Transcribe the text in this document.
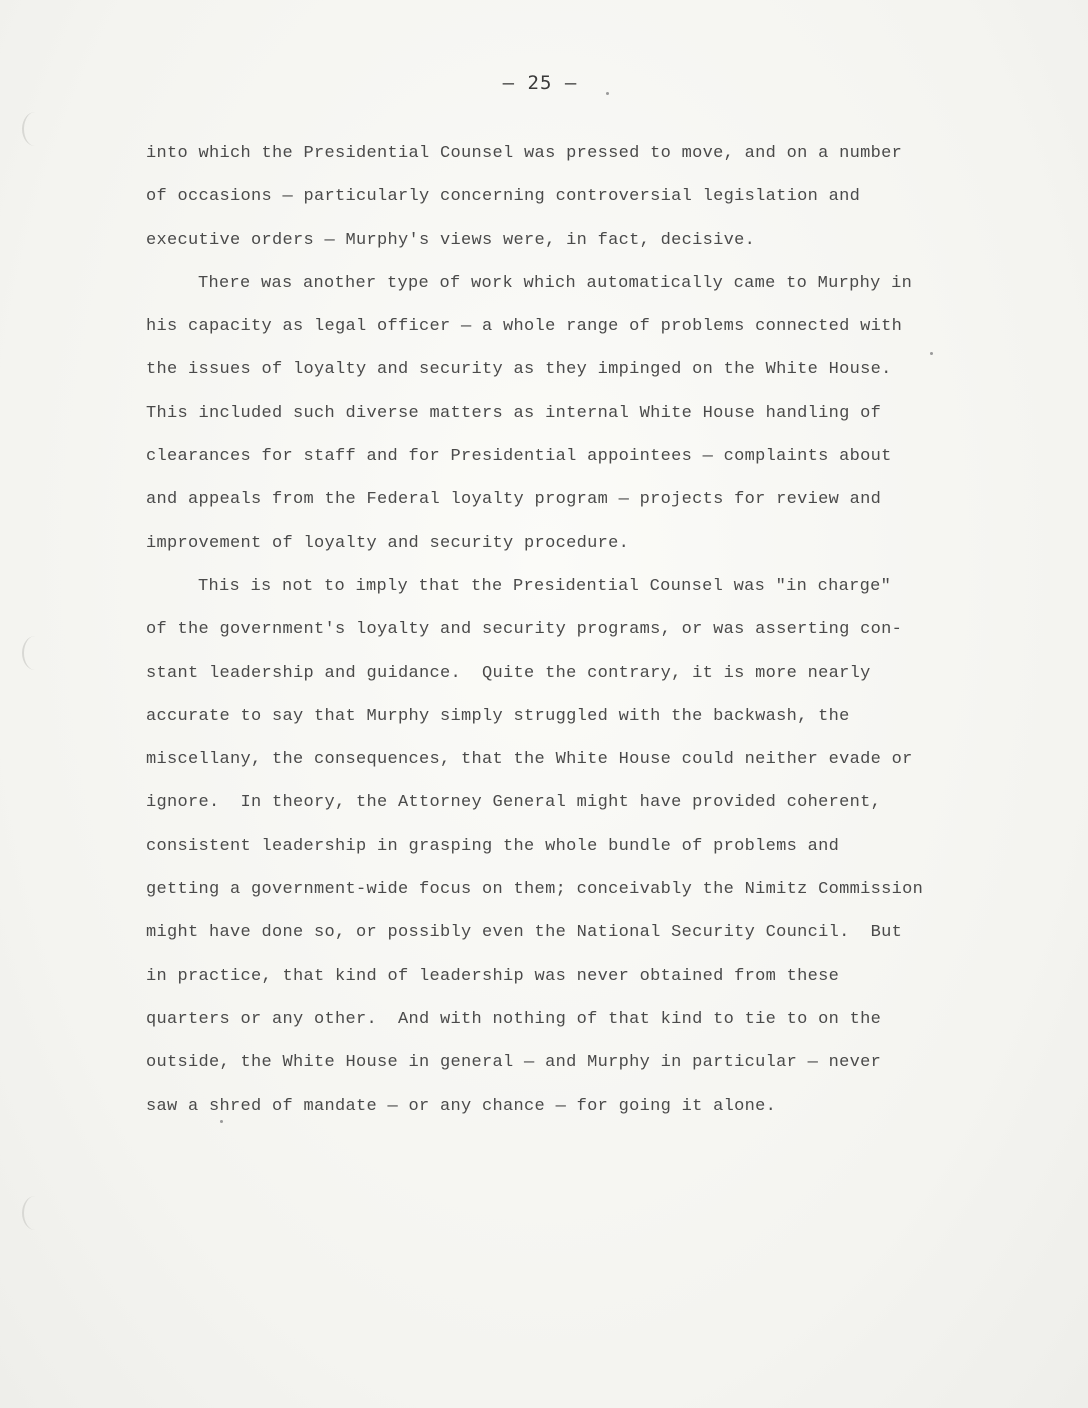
— 25 —
into which the Presidential Counsel was pressed to move, and on a number
of occasions — particularly concerning controversial legislation and
executive orders — Murphy's views were, in fact, decisive.
There was another type of work which automatically came to Murphy in
his capacity as legal officer — a whole range of problems connected with
the issues of loyalty and security as they impinged on the White House.
This included such diverse matters as internal White House handling of
clearances for staff and for Presidential appointees — complaints about
and appeals from the Federal loyalty program — projects for review and
improvement of loyalty and security procedure.
This is not to imply that the Presidential Counsel was "in charge"
of the government's loyalty and security programs, or was asserting con-
stant leadership and guidance.  Quite the contrary, it is more nearly
accurate to say that Murphy simply struggled with the backwash, the
miscellany, the consequences, that the White House could neither evade or
ignore.  In theory, the Attorney General might have provided coherent,
consistent leadership in grasping the whole bundle of problems and
getting a government-wide focus on them; conceivably the Nimitz Commission
might have done so, or possibly even the National Security Council.  But
in practice, that kind of leadership was never obtained from these
quarters or any other.  And with nothing of that kind to tie to on the
outside, the White House in general — and Murphy in particular — never
saw a shred of mandate — or any chance — for going it alone.
